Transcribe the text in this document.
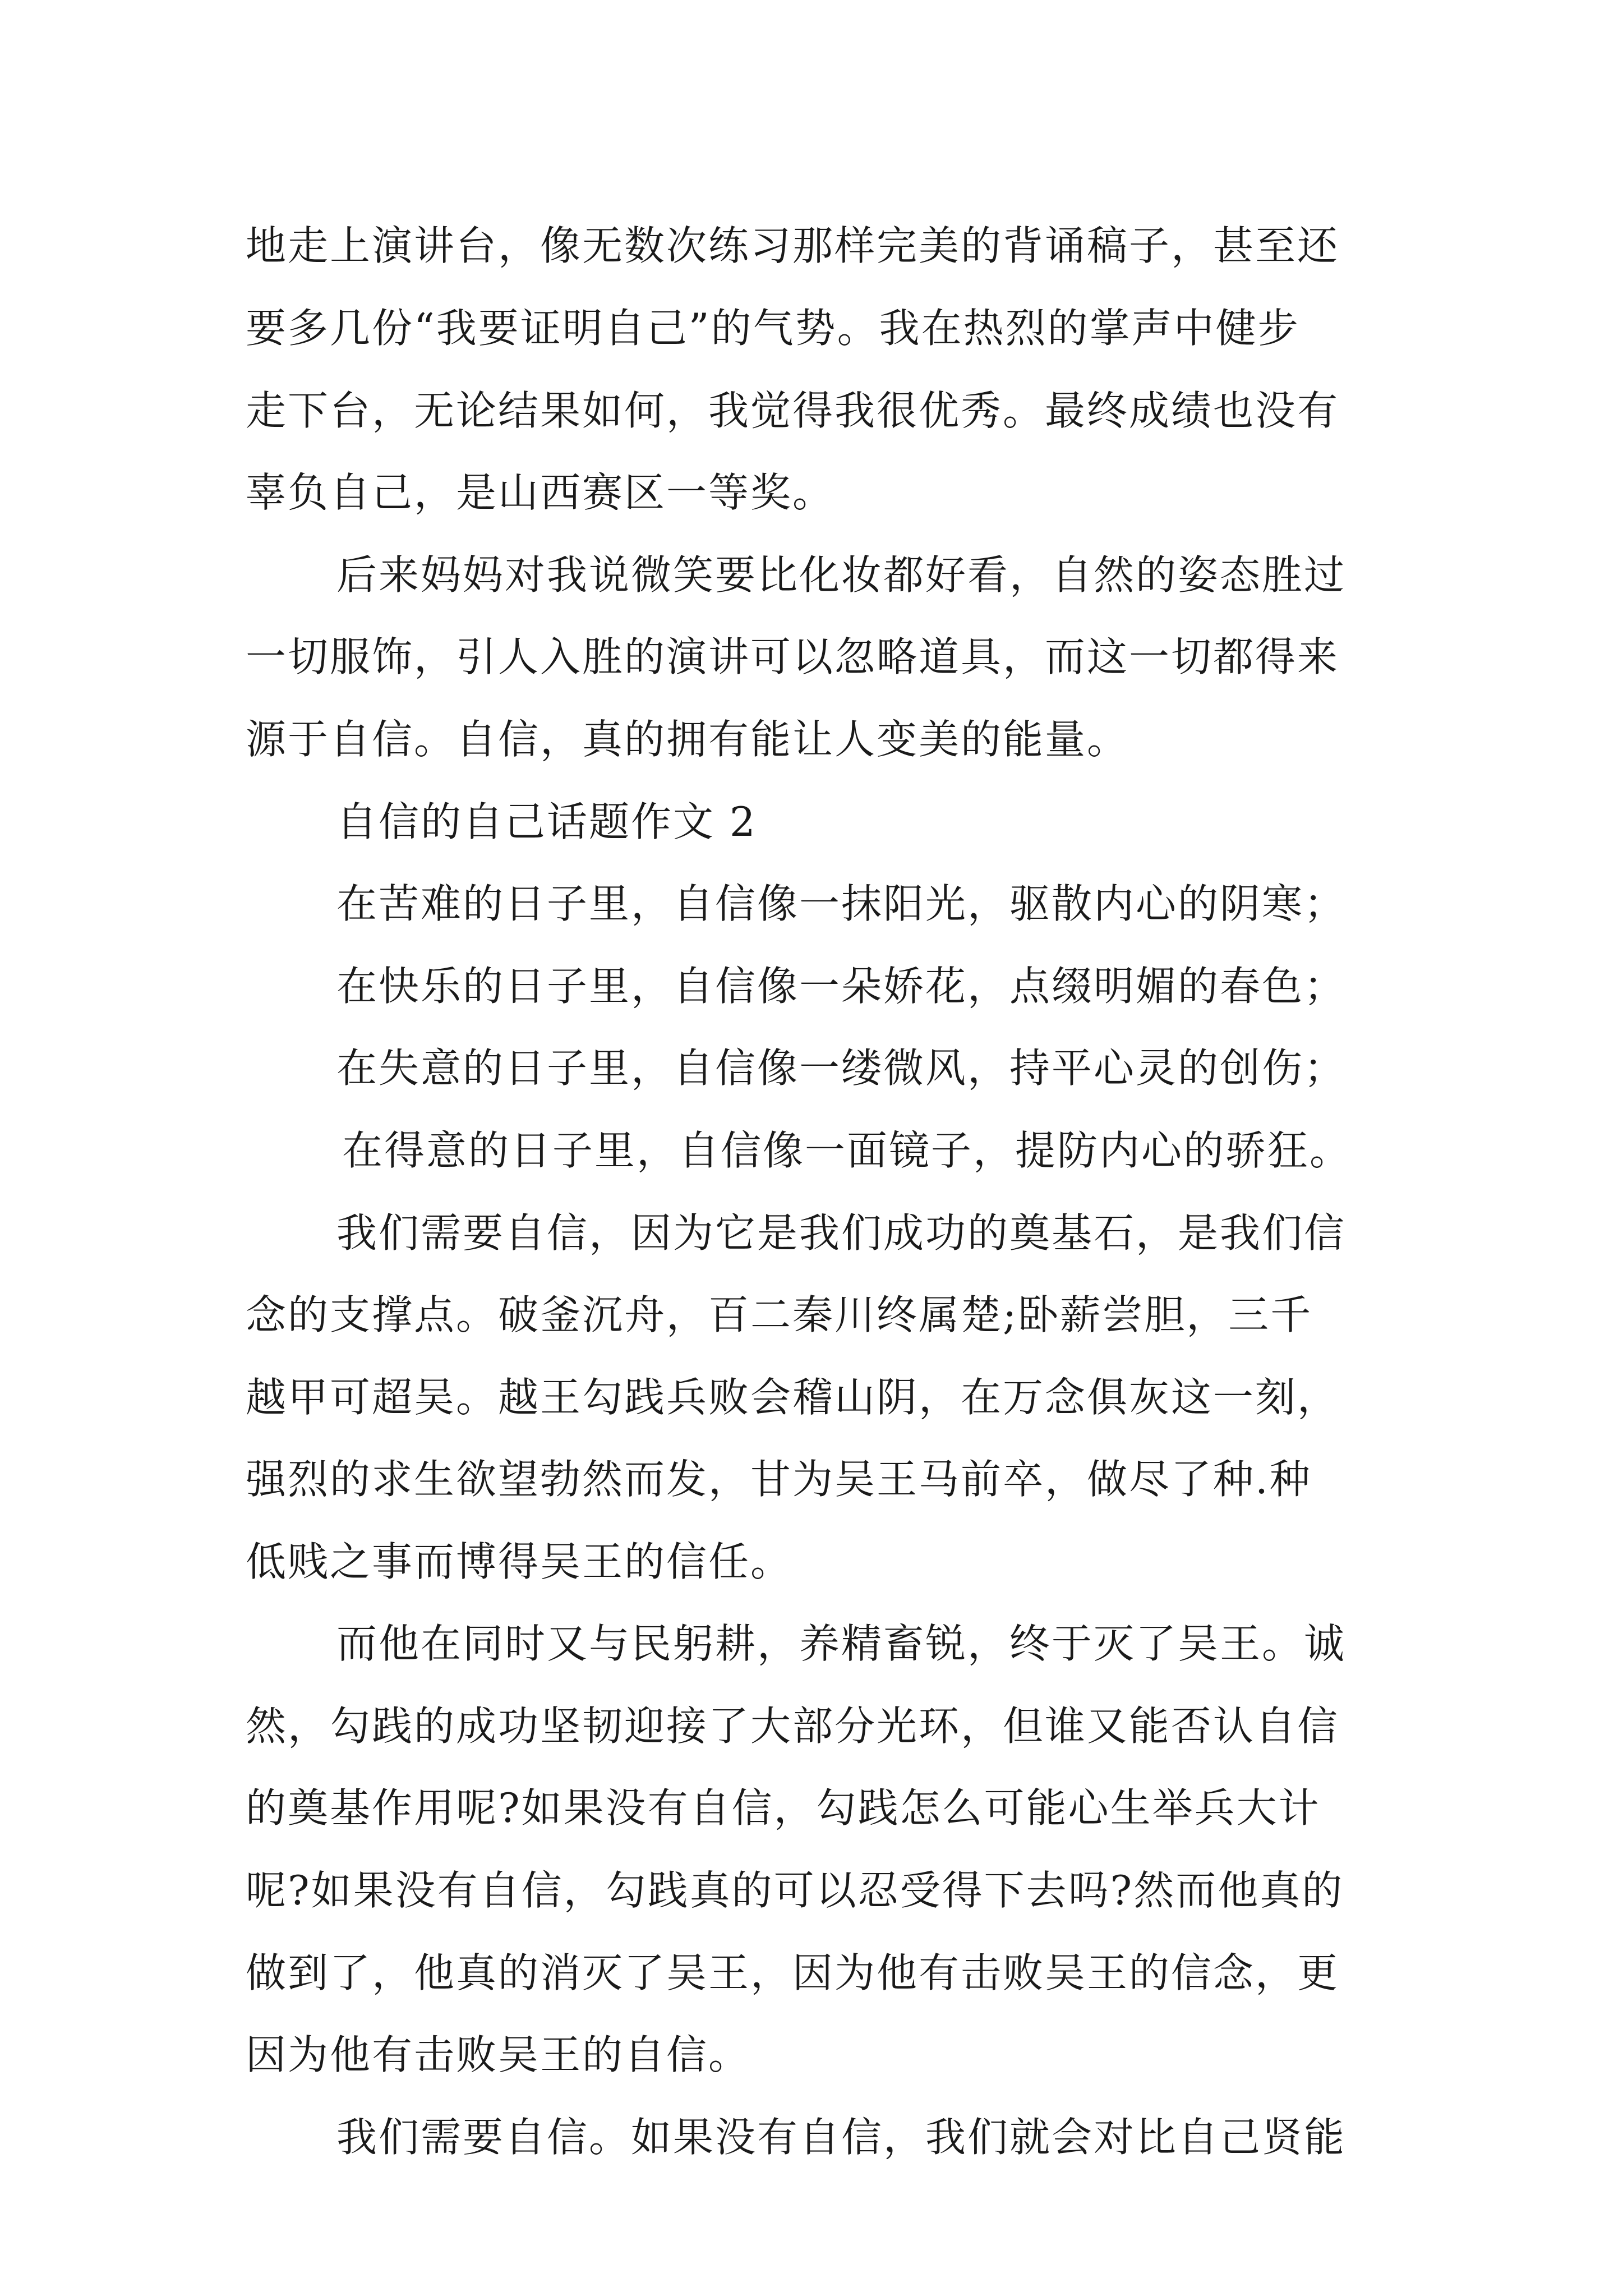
地走上演讲台，像无数次练习那样完美的背诵稿子，甚至还
要多几份“我要证明自己”的气势。我在热烈的掌声中健步
走下台，无论结果如何，我觉得我很优秀。最终成绩也没有
辜负自己，是山西赛区一等奖。
后来妈妈对我说微笑要比化妆都好看，自然的姿态胜过
一切服饰，引人入胜的演讲可以忽略道具，而这一切都得来
源于自信。自信，真的拥有能让人变美的能量。
自信的自己话题作文 2
在苦难的日子里，自信像一抹阳光，驱散内心的阴寒；
在快乐的日子里，自信像一朵娇花，点缀明媚的春色；
在失意的日子里，自信像一缕微风，持平心灵的创伤；
在得意的日子里，自信像一面镜子，提防内心的骄狂。
我们需要自信，因为它是我们成功的奠基石，是我们信
念的支撑点。破釜沉舟，百二秦川终属楚;卧薪尝胆，三千
越甲可超吴。越王勾践兵败会稽山阴，在万念俱灰这一刻，
强烈的求生欲望勃然而发，甘为吴王马前卒，做尽了种.种
低贱之事而博得吴王的信任。
而他在同时又与民躬耕，养精畜锐，终于灭了吴王。诚
然，勾践的成功坚韧迎接了大部分光环，但谁又能否认自信
的奠基作用呢?如果没有自信，勾践怎么可能心生举兵大计
呢?如果没有自信，勾践真的可以忍受得下去吗?然而他真的
做到了，他真的消灭了吴王，因为他有击败吴王的信念，更
因为他有击败吴王的自信。
我们需要自信。如果没有自信，我们就会对比自己贤能
